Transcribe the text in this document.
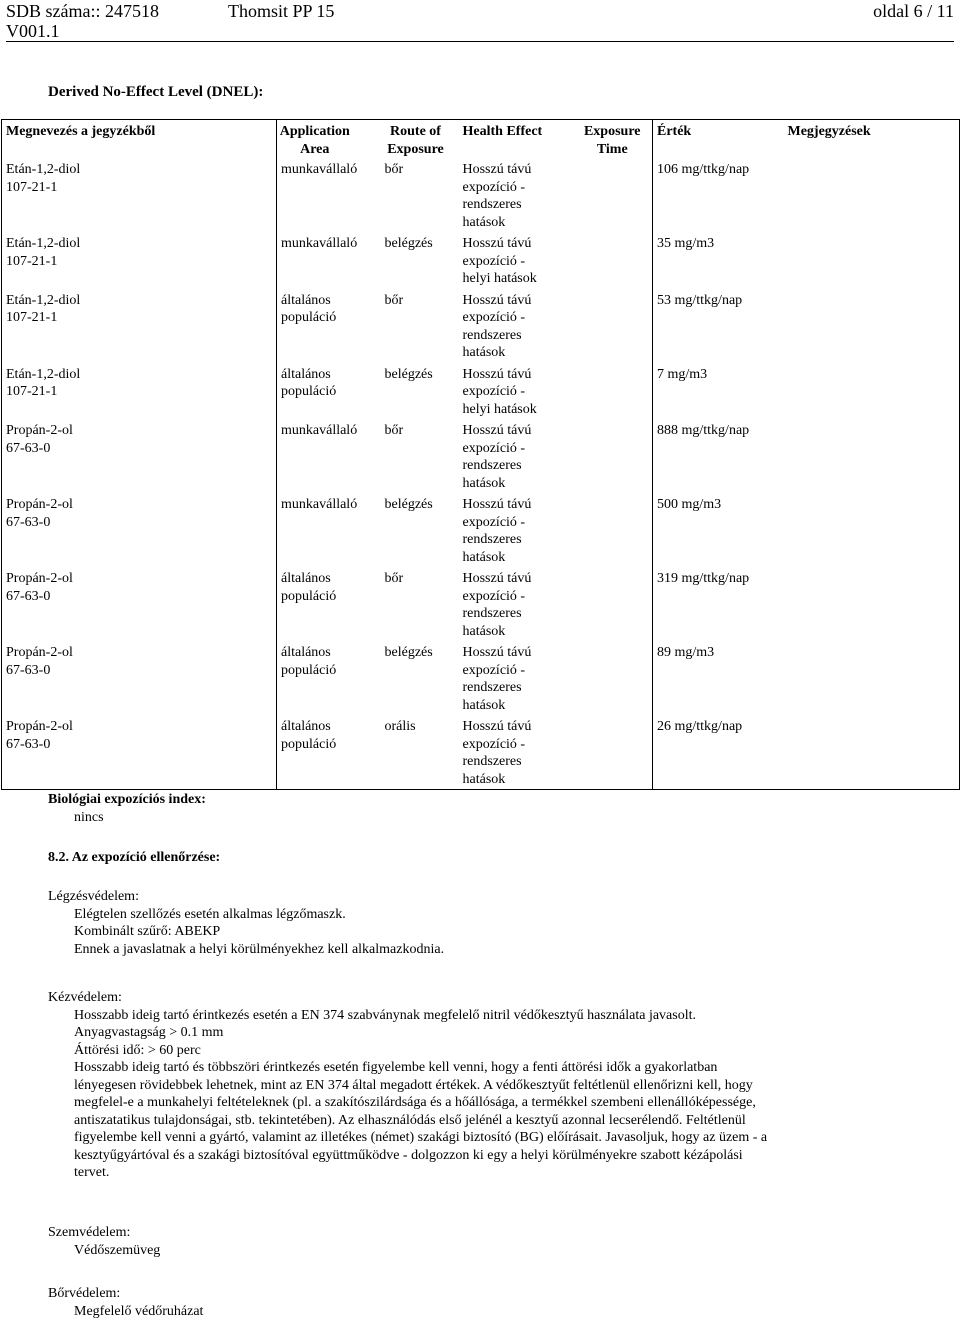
SDB száma:: 247518	Thomsit PP 15	oldal 6 / 11
V001.1
Derived No-Effect Level (DNEL):
Megnevezés a jegyzékből	Application Area	Route of Exposure	Health Effect	Exposure Time	Érték	Megjegyzések

Etán-1,2-diol
107-21-1	munkavállaló	bőr	Hosszú távú expozíció - rendszeres hatások		106 mg/ttkg/nap	

Etán-1,2-diol
107-21-1	munkavállaló	belégzés	Hosszú távú expozíció - helyi hatások		35 mg/m3	

Etán-1,2-diol
107-21-1	általános populáció	bőr	Hosszú távú expozíció - rendszeres hatások		53 mg/ttkg/nap	

Etán-1,2-diol
107-21-1	általános populáció	belégzés	Hosszú távú expozíció - helyi hatások		7 mg/m3	

Propán-2-ol
67-63-0	munkavállaló	bőr	Hosszú távú expozíció - rendszeres hatások		888 mg/ttkg/nap	

Propán-2-ol
67-63-0	munkavállaló	belégzés	Hosszú távú expozíció - rendszeres hatások		500 mg/m3	

Propán-2-ol
67-63-0	általános populáció	bőr	Hosszú távú expozíció - rendszeres hatások		319 mg/ttkg/nap	

Propán-2-ol
67-63-0	általános populáció	belégzés	Hosszú távú expozíció - rendszeres hatások		89 mg/m3	

Propán-2-ol
67-63-0	általános populáció	orális	Hosszú távú expozíció - rendszeres hatások		26 mg/ttkg/nap	
Biológiai expozíciós index:
nincs
8.2. Az expozíció ellenőrzése:
Légzésvédelem:
Elégtelen szellőzés esetén alkalmas légzőmaszk.
Kombinált szűrő: ABEKP
Ennek a javaslatnak a helyi körülményekhez kell alkalmazkodnia.
Kézvédelem:
Hosszabb ideig tartó érintkezés esetén a EN 374 szabványnak megfelelő nitril védőkesztyű használata javasolt.
Anyagvastagság > 0.1 mm
Áttörési idő: > 60 perc
Hosszabb ideig tartó és többszöri érintkezés esetén figyelembe kell venni, hogy a fenti áttörési idők a gyakorlatban
lényegesen rövidebbek lehetnek, mint az EN 374 által megadott értékek. A védőkesztyűt feltétlenül ellenőrizni kell, hogy
megfelel-e a munkahelyi feltételeknek (pl. a szakítószilárdsága és a hőállósága, a termékkel szembeni ellenállóképessége,
antiszatatikus tulajdonságai, stb. tekintetében). Az elhasználódás első jelénél a kesztyű azonnal lecserélendő. Feltétlenül
figyelembe kell venni a gyártó, valamint az illetékes (német) szakági biztosító (BG) előírásait. Javasoljuk, hogy az üzem - a
kesztyűgyártóval és a szakági biztosítóval együttműködve - dolgozzon ki egy a helyi körülményekre szabott kézápolási
tervet.
Szemvédelem:
Védőszemüveg
Bőrvédelem:
Megfelelő védőruházat
